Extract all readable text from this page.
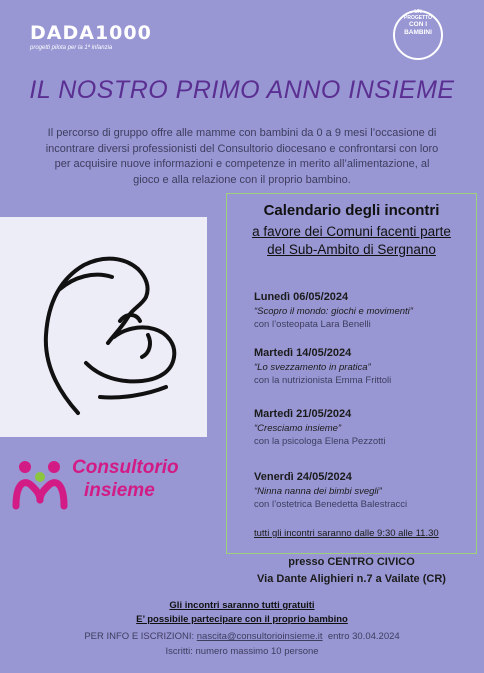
DADA1000
progetti pilota per la 1ª infanzia
UN PROGETTO
CON I BAMBINI
IL NOSTRO PRIMO ANNO INSIEME
Il percorso di gruppo offre alle mamme con bambini da 0 a 9 mesi l’occasione di incontrare diversi professionisti del Consultorio diocesano e confrontarsi con loro per acquisire nuove informazioni e competenze in merito all’alimentazione, al gioco e alla relazione con il proprio bambino.
Consultorio
insieme
Calendario degli incontri
a favore dei Comuni facenti parte
del Sub-Ambito di Sergnano
Lunedì 06/05/2024
“Scopro il mondo: giochi e movimenti”
con l’osteopata Lara Benelli
Martedì 14/05/2024
“Lo svezzamento in pratica”
con la nutrizionista Emma Frittoli
Martedì 21/05/2024
“Cresciamo insieme”
con la psicologa Elena Pezzotti
Venerdì 24/05/2024
“Ninna nanna dei bimbi svegli”
con l’ostetrica Benedetta Balestracci
tutti gli incontri saranno dalle 9:30 alle 11.30
presso CENTRO CIVICO
Via Dante Alighieri n.7 a Vailate (CR)
Gli incontri saranno tutti gratuiti
E’ possibile partecipare con il proprio bambino
PER INFO E ISCRIZIONI: nascita@consultorioinsieme.it  entro 30.04.2024
Iscritti: numero massimo 10 persone
